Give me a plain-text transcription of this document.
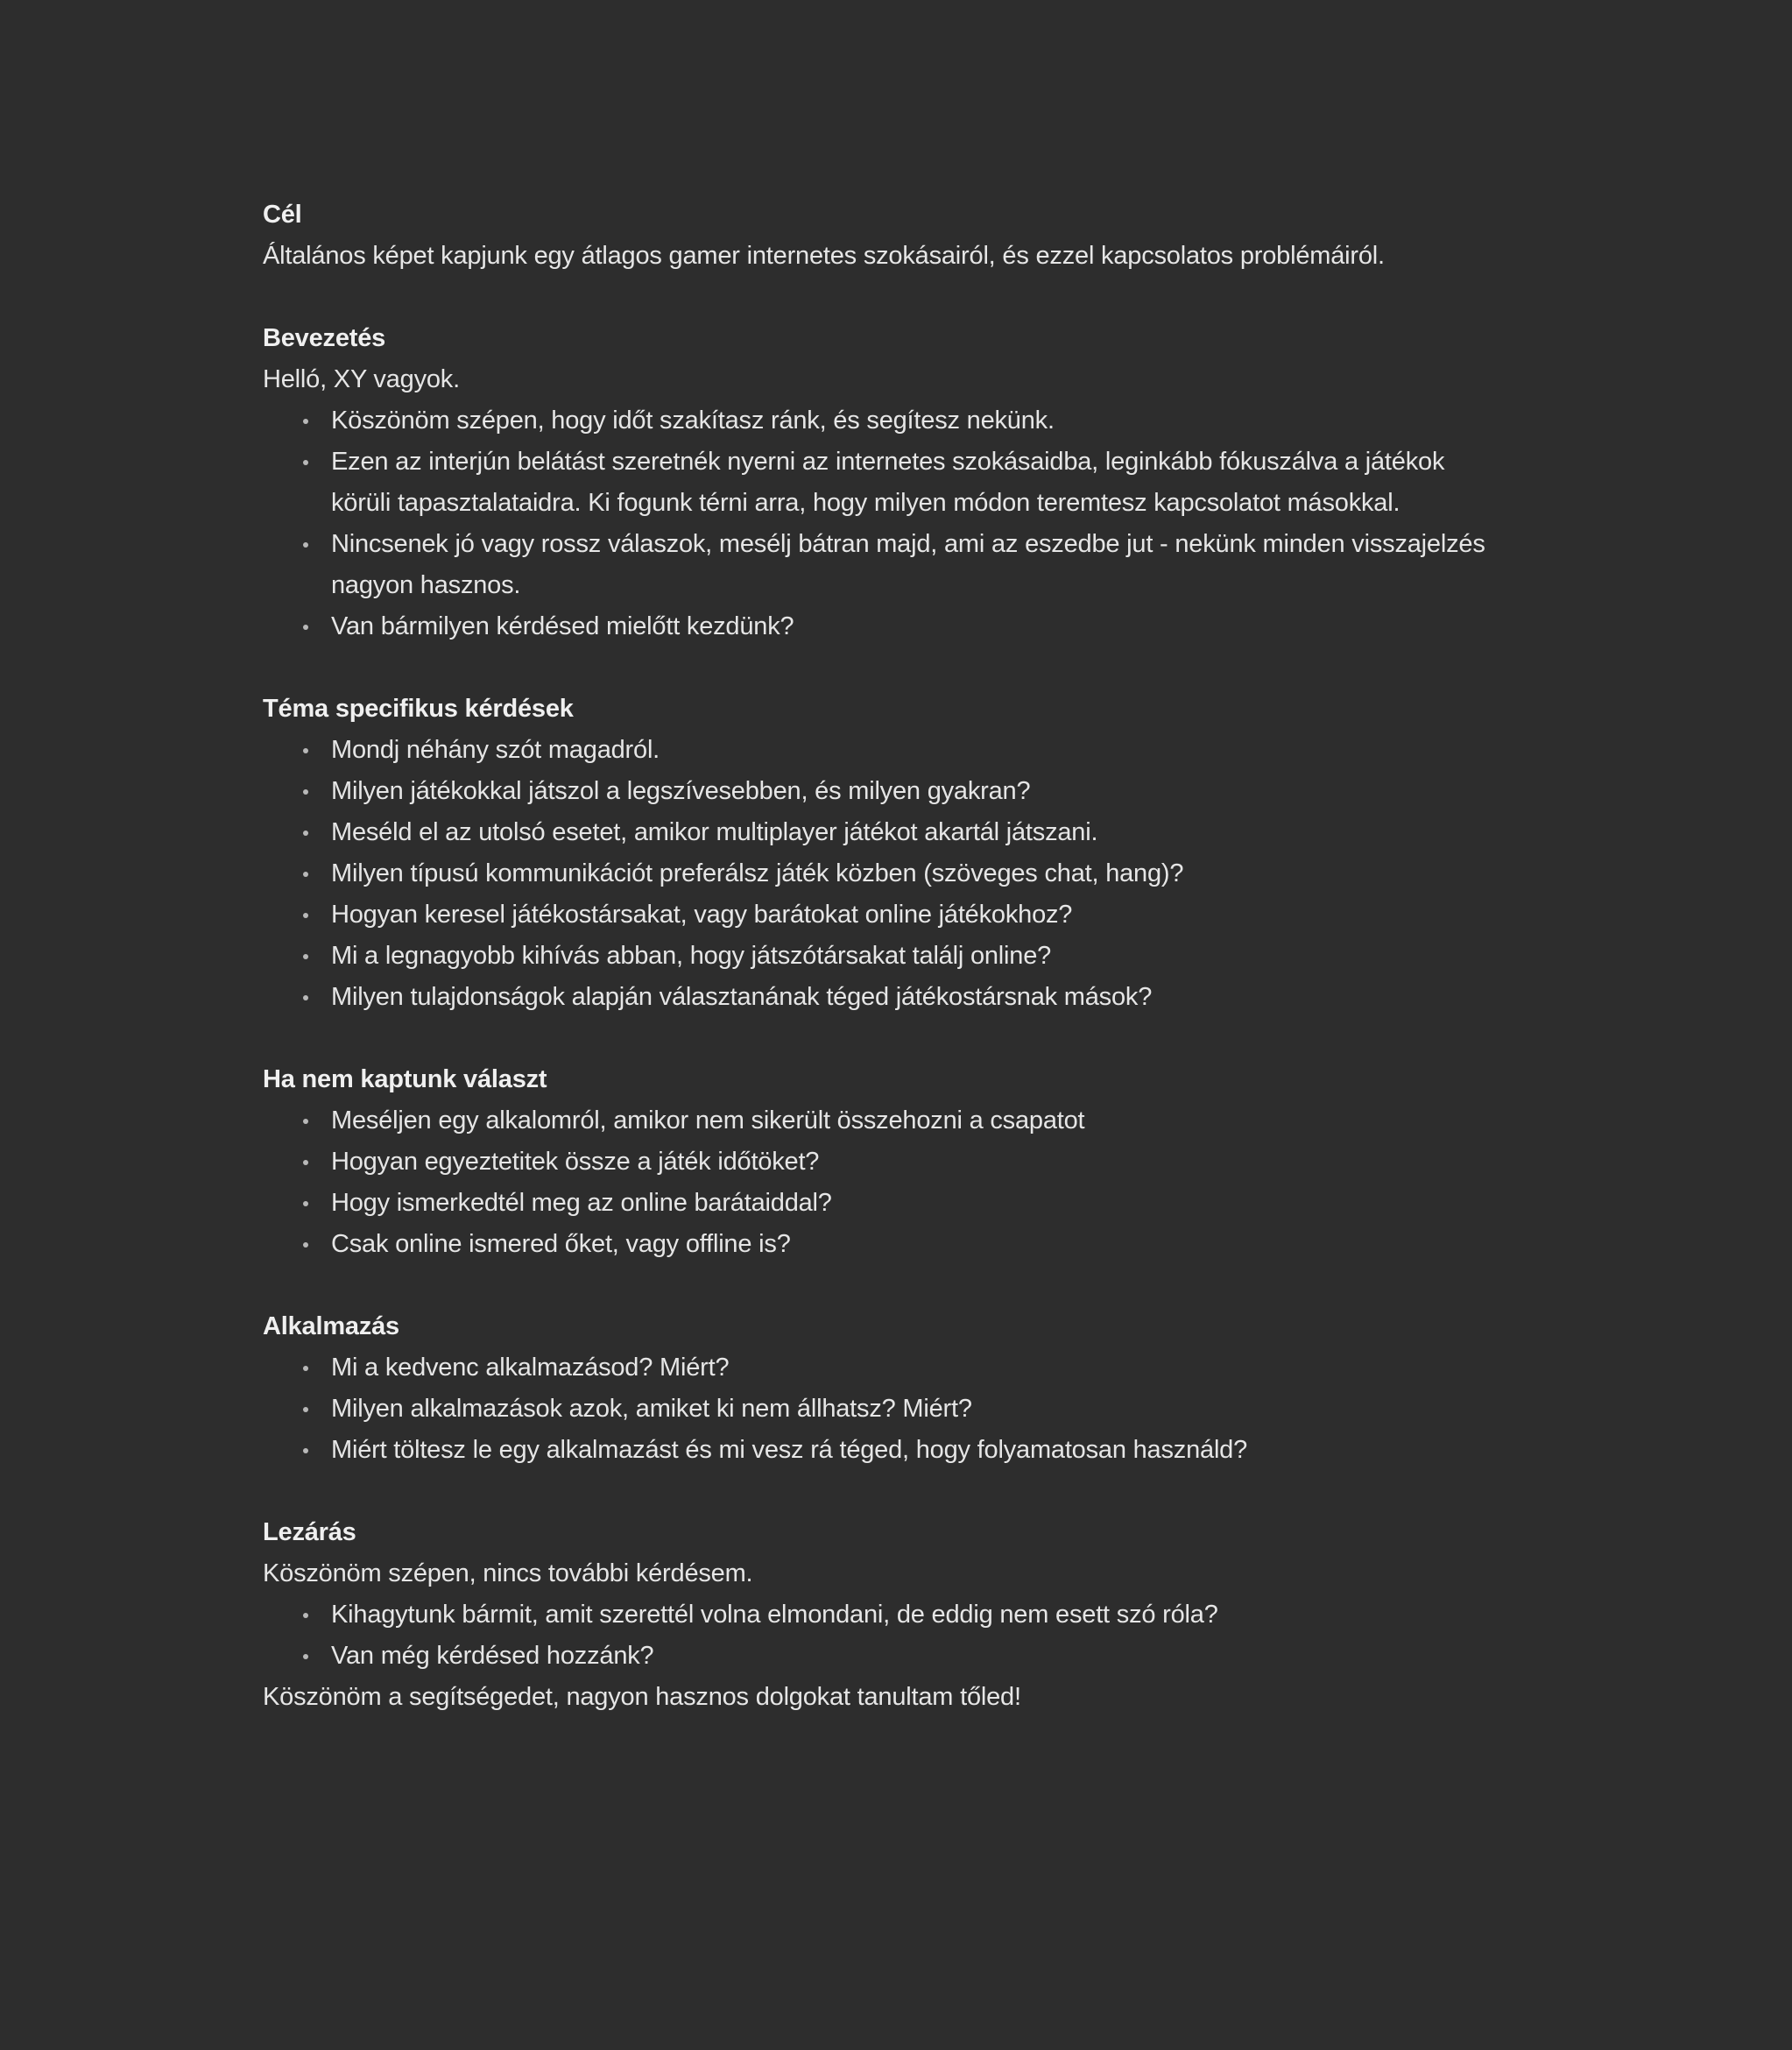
Cél

Általános képet kapjunk egy átlagos gamer internetes szokásairól, és ezzel kapcsolatos problémáiról.

Bevezetés

Helló, XY vagyok.

Köszönöm szépen, hogy időt szakítasz ránk, és segítesz nekünk.
Ezen az interjún belátást szeretnék nyerni az internetes szokásaidba, leginkább fókuszálva a játékok körüli tapasztalataidra. Ki fogunk térni arra, hogy milyen módon teremtesz kapcsolatot másokkal.
Nincsenek jó vagy rossz válaszok, mesélj bátran majd, ami az eszedbe jut - nekünk minden visszajelzés nagyon hasznos.
Van bármilyen kérdésed mielőtt kezdünk?
Téma specifikus kérdések
Mondj néhány szót magadról.
Milyen játékokkal játszol a legszívesebben, és milyen gyakran?
Meséld el az utolsó esetet, amikor multiplayer játékot akartál játszani.
Milyen típusú kommunikációt preferálsz játék közben (szöveges chat, hang)?
Hogyan keresel játékostársakat, vagy barátokat online játékokhoz?
Mi a legnagyobb kihívás abban, hogy játszótársakat találj online?
Milyen tulajdonságok alapján választanának téged játékostársnak mások?
Ha nem kaptunk választ
Meséljen egy alkalomról, amikor nem sikerült összehozni a csapatot
Hogyan egyeztetitek össze a játék időtöket?
Hogy ismerkedtél meg az online barátaiddal?
Csak online ismered őket, vagy offline is?
Alkalmazás
Mi a kedvenc alkalmazásod? Miért?
Milyen alkalmazások azok, amiket ki nem állhatsz? Miért?
Miért töltesz le egy alkalmazást és mi vesz rá téged, hogy folyamatosan használd?
Lezárás

Köszönöm szépen, nincs további kérdésem.

Kihagytunk bármit, amit szerettél volna elmondani, de eddig nem esett szó róla?
Van még kérdésed hozzánk?

Köszönöm a segítségedet, nagyon hasznos dolgokat tanultam tőled!
